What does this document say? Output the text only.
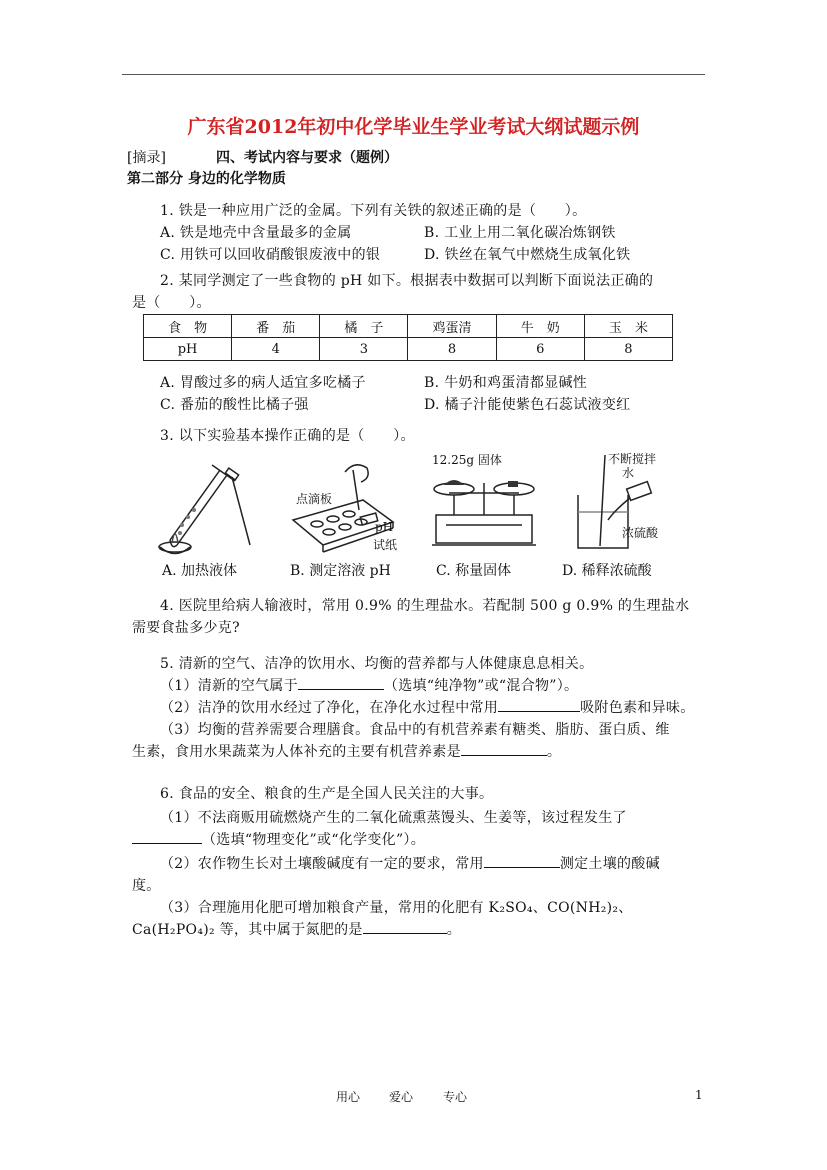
广东省2012年初中化学毕业生学业考试大纲试题示例
[摘录]	四、考试内容与要求（题例）
第二部分 身边的化学物质
1. 铁是一种应用广泛的金属。下列有关铁的叙述正确的是（　　）。
A. 铁是地壳中含量最多的金属	B. 工业上用二氧化碳冶炼钢铁
C. 用铁可以回收硝酸银废液中的银	D. 铁丝在氧气中燃烧生成氧化铁
2. 某同学测定了一些食物的 pH 如下。根据表中数据可以判断下面说法正确的
是（　　）。
食　物	番　茄	橘　子	鸡蛋清	牛　奶	玉　米
pH	4	3	8	6	8
A. 胃酸过多的病人适宜多吃橘子	B. 牛奶和鸡蛋清都显碱性
C. 番茄的酸性比橘子强	D. 橘子汁能使紫色石蕊试液变红
3. 以下实验基本操作正确的是（　　）。
A. 加热液体
点滴板
pH
试纸
B. 测定溶液 pH
12.25g 固体
C. 称量固体
不断搅拌
水
浓硫酸
D. 稀释浓硫酸
4. 医院里给病人输液时，常用 0.9% 的生理盐水。若配制 500 g 0.9% 的生理盐水
需要食盐多少克?
5. 清新的空气、洁净的饮用水、均衡的营养都与人体健康息息相关。
（1）清新的空气属于	（选填“纯净物”或“混合物”）。
（2）洁净的饮用水经过了净化，在净化水过程中常用	吸附色素和异味。
（3）均衡的营养需要合理膳食。食品中的有机营养素有糖类、脂肪、蛋白质、维
生素，食用水果蔬菜为人体补充的主要有机营养素是	。
6. 食品的安全、粮食的生产是全国人民关注的大事。
（1）不法商贩用硫燃烧产生的二氧化硫熏蒸馒头、生姜等，该过程发生了
（选填“物理变化”或“化学变化”）。
（2）农作物生长对土壤酸碱度有一定的要求，常用	测定土壤的酸碱
度。
（3）合理施用化肥可增加粮食产量，常用的化肥有 K₂SO₄、CO(NH₂)₂、
Ca(H₂PO₄)₂ 等，其中属于氮肥的是	。
用心 爱心 专心	1
